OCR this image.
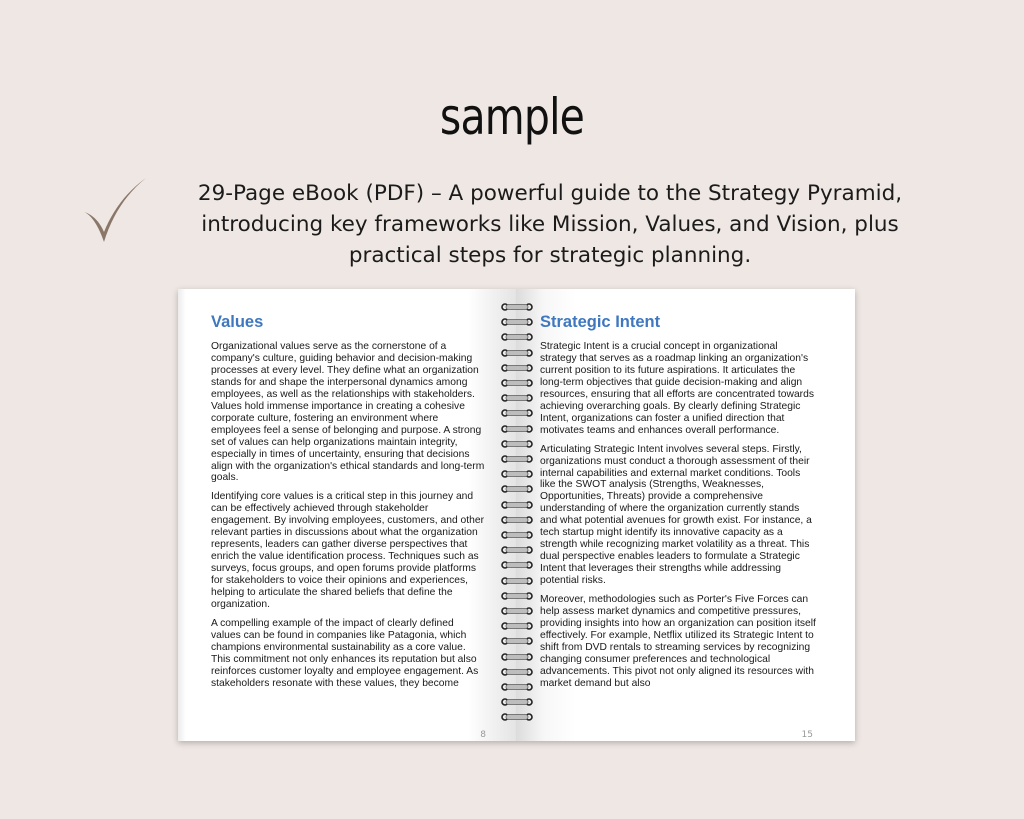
sample
29-Page eBook (PDF) – A powerful guide to the Strategy Pyramid, introducing key frameworks like Mission, Values, and Vision, plus practical steps for strategic planning.
Values

Organizational values serve as the cornerstone of a company's culture, guiding behavior and decision-making processes at every level. They define what an organization stands for and shape the interpersonal dynamics among employees, as well as the relationships with stakeholders. Values hold immense importance in creating a cohesive corporate culture, fostering an environment where employees feel a sense of belonging and purpose. A strong set of values can help organizations maintain integrity, especially in times of uncertainty, ensuring that decisions align with the organization's ethical standards and long-term goals.

Identifying core values is a critical step in this journey and can be effectively achieved through stakeholder engagement. By involving employees, customers, and other relevant parties in discussions about what the organization represents, leaders can gather diverse perspectives that enrich the value identification process. Techniques such as surveys, focus groups, and open forums provide platforms for stakeholders to voice their opinions and experiences, helping to articulate the shared beliefs that define the organization.

A compelling example of the impact of clearly defined values can be found in companies like Patagonia, which champions environmental sustainability as a core value. This commitment not only enhances its reputation but also reinforces customer loyalty and employee engagement. As stakeholders resonate with these values, they become

8
Strategic Intent

Strategic Intent is a crucial concept in organizational strategy that serves as a roadmap linking an organization's current position to its future aspirations. It articulates the long-term objectives that guide decision-making and align resources, ensuring that all efforts are concentrated towards achieving overarching goals. By clearly defining Strategic Intent, organizations can foster a unified direction that motivates teams and enhances overall performance.

Articulating Strategic Intent involves several steps. Firstly, organizations must conduct a thorough assessment of their internal capabilities and external market conditions. Tools like the SWOT analysis (Strengths, Weaknesses, Opportunities, Threats) provide a comprehensive understanding of where the organization currently stands and what potential avenues for growth exist. For instance, a tech startup might identify its innovative capacity as a strength while recognizing market volatility as a threat. This dual perspective enables leaders to formulate a Strategic Intent that leverages their strengths while addressing potential risks.

Moreover, methodologies such as Porter's Five Forces can help assess market dynamics and competitive pressures, providing insights into how an organization can position itself effectively. For example, Netflix utilized its Strategic Intent to shift from DVD rentals to streaming services by recognizing changing consumer preferences and technological advancements. This pivot not only aligned its resources with market demand but also

15
